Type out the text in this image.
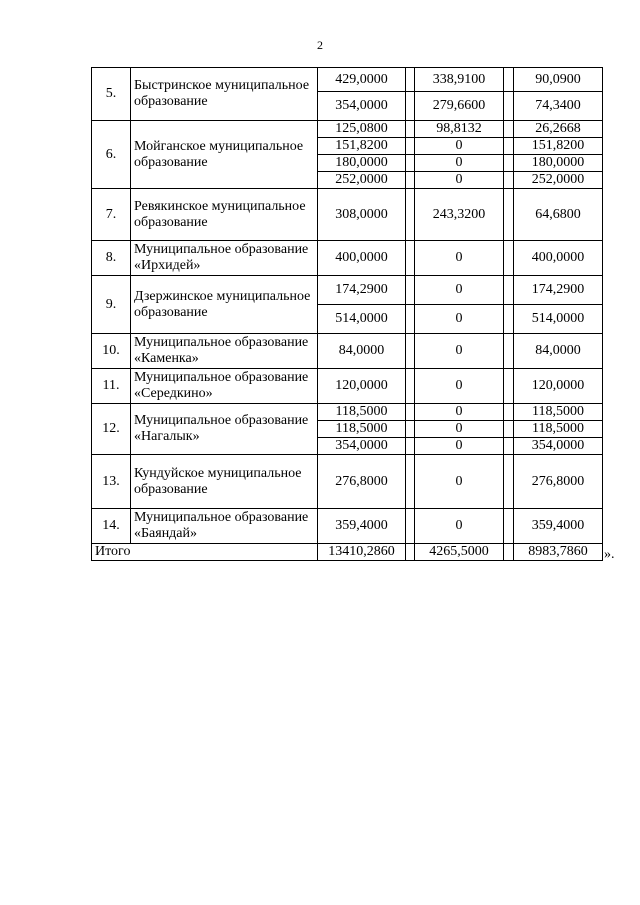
2
5.	Быстринское муниципальное образование	429,0000		338,9100		90,0900
		354,0000		279,6600		74,3400
6.	Мойганское муниципальное образование	125,0800		98,8132		26,2668
		151,8200		0		151,8200
		180,0000		0		180,0000
		252,0000		0		252,0000
7.	Ревякинское муниципальное образование	308,0000		243,3200		64,6800
8.	Муниципальное образование «Ирхидей»	400,0000		0		400,0000
9.	Дзержинское муниципальное образование	174,2900		0		174,2900
		514,0000		0		514,0000
10.	Муниципальное образование «Каменка»	84,0000		0		84,0000
11.	Муниципальное образование «Середкино»	120,0000		0		120,0000
12.	Муниципальное образование «Нагалык»	118,5000		0		118,5000
		118,5000		0		118,5000
		354,0000		0		354,0000
13.	Кундуйское муниципальное образование	276,8000		0		276,8000
14.	Муниципальное образование «Баяндай»	359,4000		0		359,4000
Итого		13410,2860		4265,5000		8983,7860 ».
